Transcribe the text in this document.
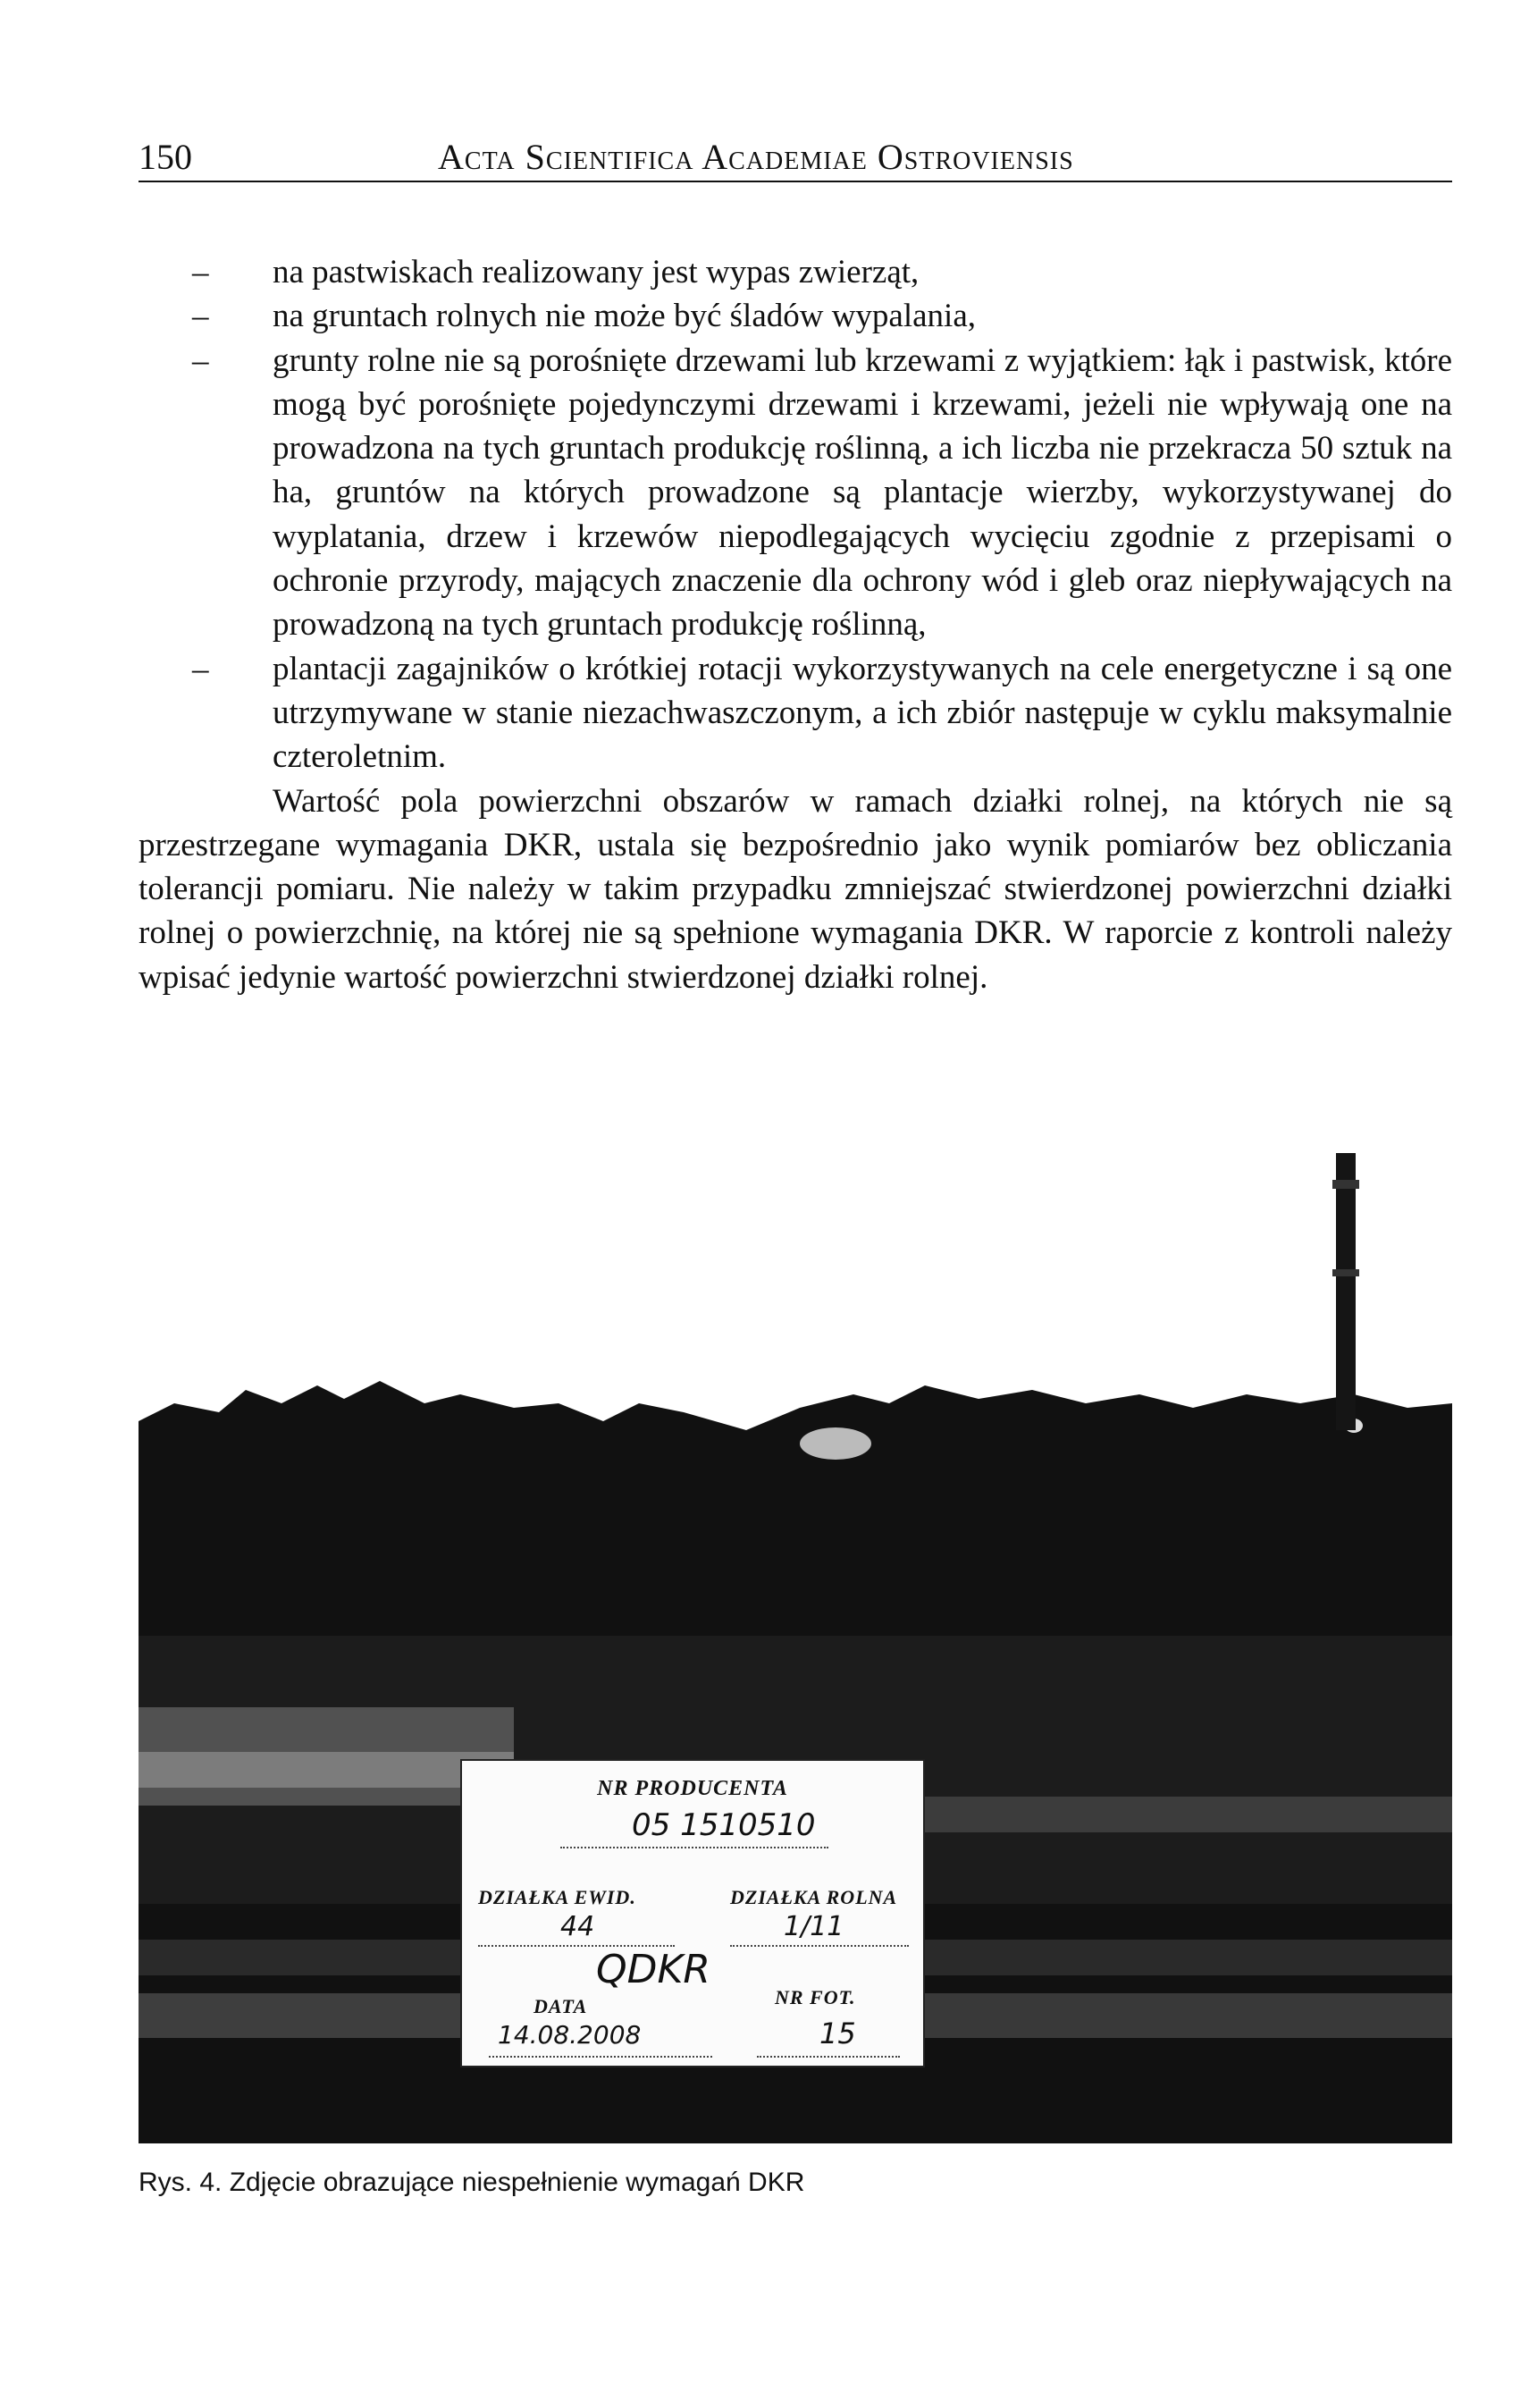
150	Acta Scientifica Academiae Ostroviensis
– na pastwiskach realizowany jest wypas zwierząt,
– na gruntach rolnych nie może być śladów wypalania,
– grunty rolne nie są porośnięte drzewami lub krzewami z wyjątkiem: łąk i pastwisk, które mogą być porośnięte pojedynczymi drzewami i krzewami, jeżeli nie wpływają one na prowadzona na tych gruntach produkcję roślinną, a ich liczba nie przekracza 50 sztuk na ha, gruntów na których prowadzone są plantacje wierzby, wykorzystywanej do wyplatania, drzew i krzewów niepodlegających wycięciu zgodnie z przepisami o ochronie przyrody, mających znaczenie dla ochrony wód i gleb oraz niepływających na prowadzoną na tych gruntach produkcję roślinną,
– plantacji zagajników o krótkiej rotacji wykorzystywanych na cele energetyczne i są one utrzymywane w stanie niezachwaszczonym, a ich zbiór następuje w cyklu maksymalnie czteroletnim.
Wartość pola powierzchni obszarów w ramach działki rolnej, na których nie są przestrzegane wymagania DKR, ustala się bezpośrednio jako wynik pomiarów bez obliczania tolerancji pomiaru. Nie należy w takim przypadku zmniejszać stwierdzonej powierzchni działki rolnej o powierzchnię, na której nie są spełnione wymagania DKR. W raporcie z kontroli należy wpisać jedynie wartość powierzchni stwierdzonej działki rolnej.
NR PRODUCENTA
05 1510510
DZIAŁKA EWID.	DZIAŁKA ROLNA
44	1/11
QDKR
DATA	NR FOT.
14.08.2008	15
Rys. 4. Zdjęcie obrazujące niespełnienie wymagań DKR
